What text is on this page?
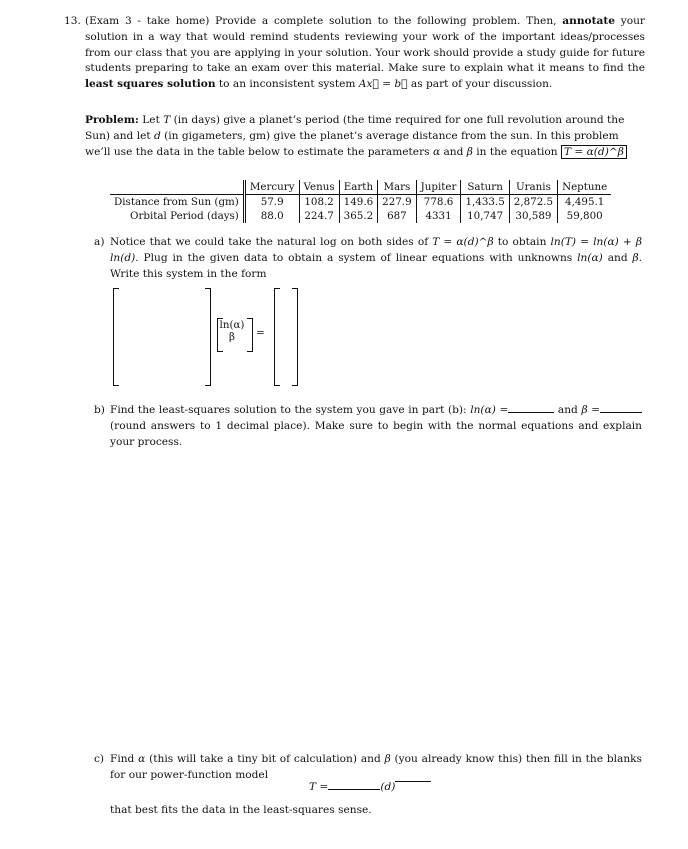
13. (Exam 3 - take home) Provide a complete solution to the following problem. Then, annotate your solution in a way that would remind students reviewing your work of the important ideas/processes from our class that you are applying in your solution. Your work should provide a study guide for future students preparing to take an exam over this material. Make sure to explain what it means to find the least squares solution to an inconsistent system Ax⃗ = b⃗ as part of your discussion.
Problem: Let T (in days) give a planet’s period (the time required for one full revolution around the Sun) and let d (in gigameters, gm) give the planet’s average distance from the sun. In this problem we’ll use the data in the table below to estimate the parameters α and β in the equation T = α(d)^β
	Mercury	Venus	Earth	Mars	Jupiter	Saturn	Uranis	Neptune
Distance from Sun (gm)	57.9	108.2	149.6	227.9	778.6	1,433.5	2,872.5	4,495.1
Orbital Period (days)	88.0	224.7	365.2	687	4331	10,747	30,589	59,800
a) Notice that we could take the natural log on both sides of T = α(d)^β to obtain ln(T) = ln(α) + β ln(d). Plug in the given data to obtain a system of linear equations with unknowns ln(α) and β. Write this system in the form
ln(α)
β	=
b) Find the least-squares solution to the system you gave in part (b): ln(α) =	and β = (round answers to 1 decimal place). Make sure to begin with the normal equations and explain your process.
c) Find α (this will take a tiny bit of calculation) and β (you already know this) then fill in the blanks for our power-function model
T =	(d)
that best fits the data in the least-squares sense.
